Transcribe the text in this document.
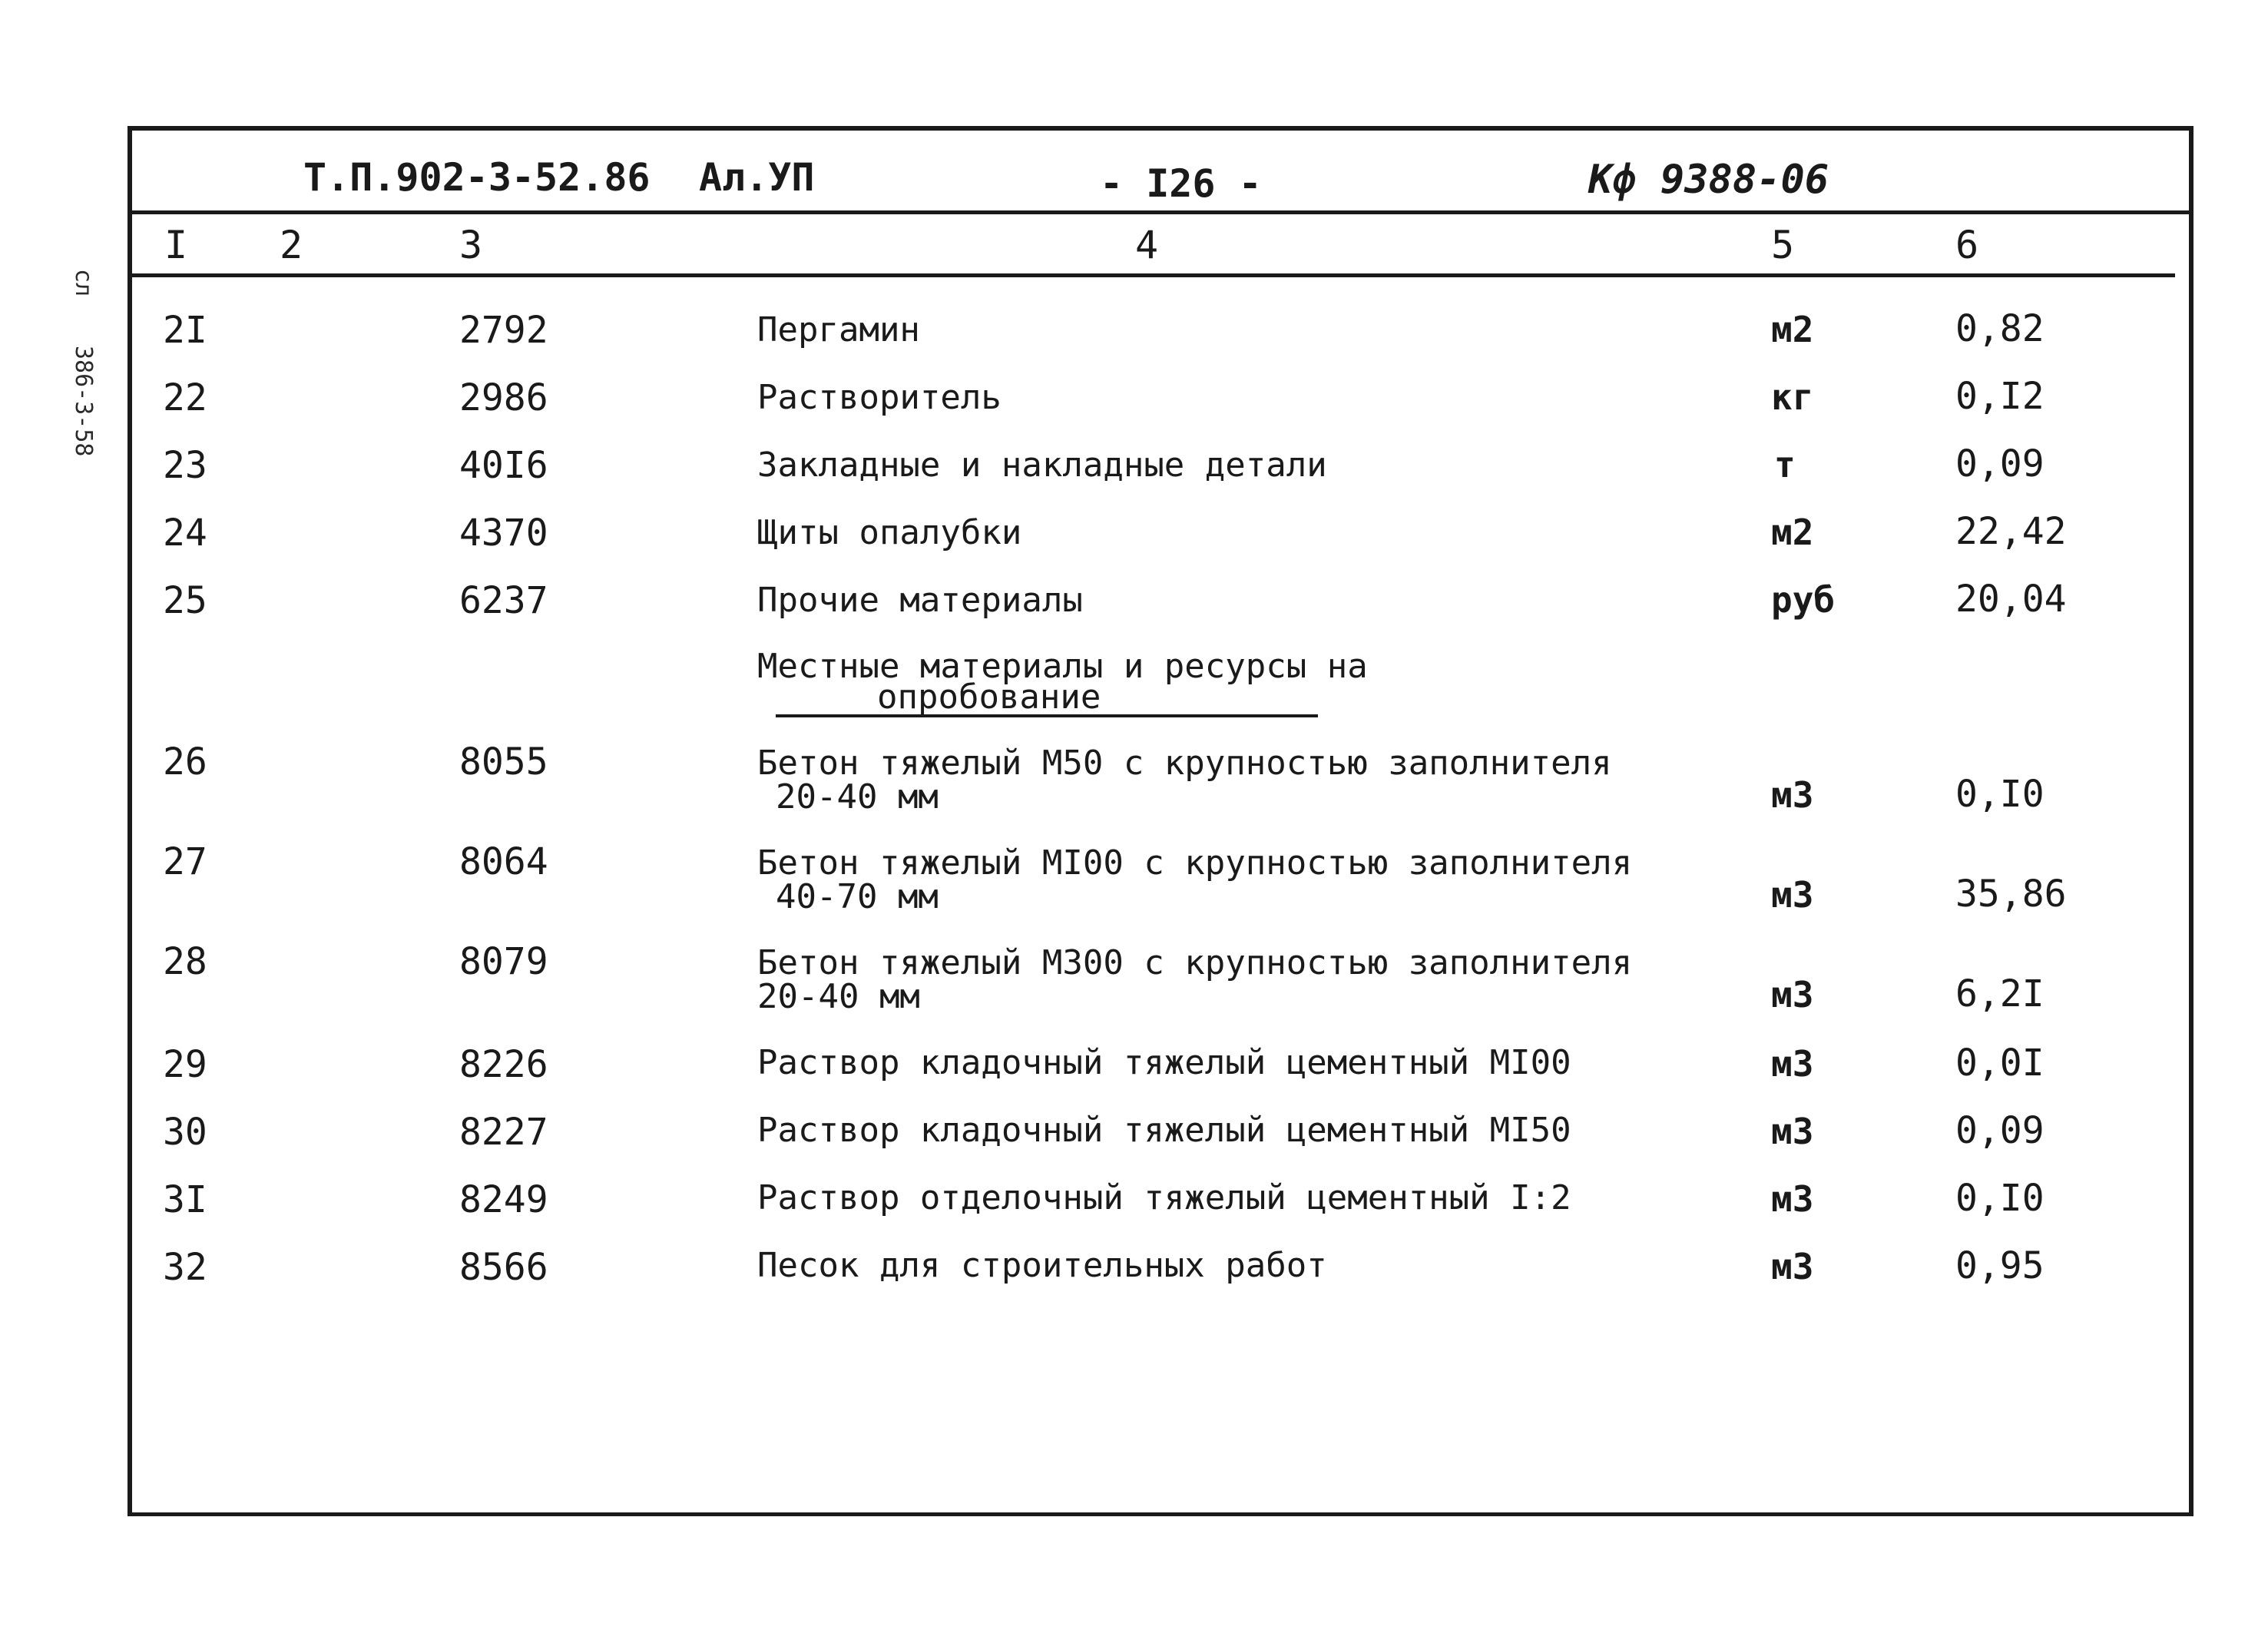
сл
386-3-58
Т.П.902-3-52.86 Ал.УП	- I26 -	Кф 9388-06
I 2	3	4	5	6
2I	2792	Пергамин	м2	0,82
22	2986	Растворитель	кг	0,I2
23	40I6	Закладные и накладные детали	т	0,09
24	4370	Щиты опалубки	м2	22,42
25	6237	Прочие материалы	руб	20,04
Местные материалы и ресурсы на
опробование
26	8055	Бетон тяжелый М50 с крупностью заполнителя
20-40 мм	м3	0,I0
27	8064	Бетон тяжелый МI00 с крупностью заполнителя
40-70 мм	м3	35,86
28	8079	Бетон тяжелый М300 с крупностью заполнителя
20-40 мм	м3	6,2I
29	8226	Раствор кладочный тяжелый цементный МI00	м3	0,0I
30	8227	Раствор кладочный тяжелый цементный МI50	м3	0,09
3I	8249	Раствор отделочный тяжелый цементный I:2	м3	0,I0
32	8566	Песок для строительных работ	м3	0,95
